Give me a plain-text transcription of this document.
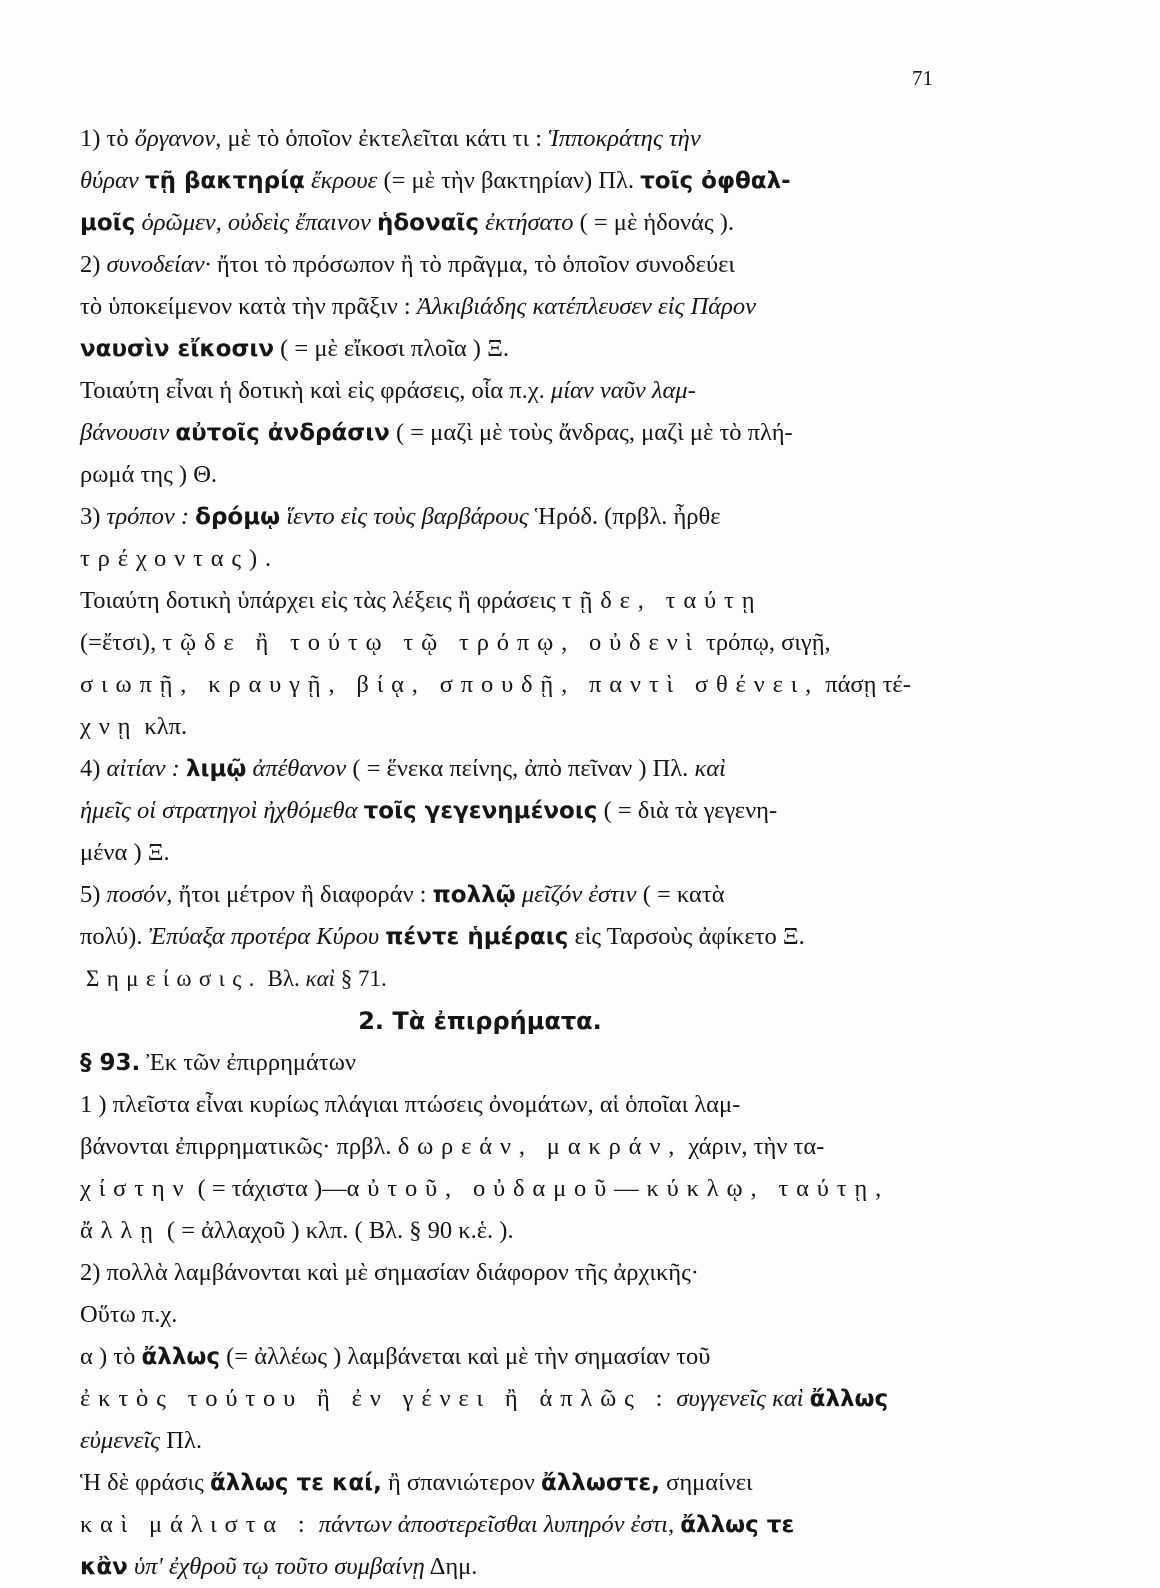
71
1) τὸ ὄργανον, μὲ τὸ ὁποῖον ἐκτελεῖται κάτι τι : Ἱπποκράτης τὴν
θύραν τῇ βακτηρίᾳ ἔκρουε (= μὲ τὴν βακτηρίαν) Πλ. τοῖς ὀφθαλ-
μοῖς ὁρῶμεν, οὐδεὶς ἔπαινον ἡδοναῖς ἐκτήσατο ( = μὲ ἡδονάς ).
2) συνοδείαν· ἤτοι τὸ πρόσωπον ἢ τὸ πρᾶγμα, τὸ ὁποῖον συνοδεύει
τὸ ὑποκείμενον κατὰ τὴν πρᾶξιν : Ἀλκιβιάδης κατέπλευσεν εἰς Πάρον
ναυσὶν εἴκοσιν ( = μὲ εἴκοσι πλοῖα ) Ξ.
Τοιαύτη εἶναι ἡ δοτικὴ καὶ εἰς φράσεις, οἷα π.χ. μίαν ναῦν λαμ-
βάνουσιν αὐτοῖς ἀνδράσιν ( = μαζὶ μὲ τοὺς ἄνδρας, μαζὶ μὲ τὸ πλή-
ρωμά της ) Θ.
3) τρόπον : δρόμῳ ἵεντο εἰς τοὺς βαρβάρους Ἡρόδ. (πρβλ. ἦρθε
τρέχοντας).
Τοιαύτη δοτικὴ ὑπάρχει εἰς τὰς λέξεις ἢ φράσεις τῇδε, ταύτῃ
(=ἔτσι), τῷδε ἢ τούτῳ τῷ τρόπῳ, οὐδενὶ τρόπῳ, σιγῇ,
σιωπῇ, κραυγῇ, βίᾳ, σπουδῇ, παντὶ σθένει, πάσῃ τέ-
χνῃ κλπ.
4) αἰτίαν : λιμῷ ἀπέθανον ( = ἕνεκα πείνης, ἀπὸ πεῖναν ) Πλ. καὶ
ἡμεῖς οἱ στρατηγοὶ ἠχθόμεθα τοῖς γεγενημένοις ( = διὰ τὰ γεγενη-
μένα ) Ξ.
5) ποσόν, ἤτοι μέτρον ἢ διαφοράν : πολλῷ μεῖζόν ἐστιν ( = κατὰ
πολύ). Ἐπύαξα προτέρα Κύρου πέντε ἡμέραις εἰς Ταρσοὺς ἀφίκετο Ξ.
Σημείωσις. Βλ. καὶ § 71.
2. Τὰ ἐπιρρήματα.
§ 93. Ἐκ τῶν ἐπιρρημάτων
1 ) πλεῖστα εἶναι κυρίως πλάγιαι πτώσεις ὀνομάτων, αἱ ὁποῖαι λαμ-
βάνονται ἐπιρρηματικῶς· πρβλ. δωρεάν, μακράν, χάριν, τὴν τα-
χίστην ( = τάχιστα )—αὐτοῦ, οὐδαμοῦ—κύκλῳ, ταύτῃ,
ἄλλῃ ( = ἀλλαχοῦ ) κλπ. ( Βλ. § 90 κ.ἑ. ).
2) πολλὰ λαμβάνονται καὶ μὲ σημασίαν διάφορον τῆς ἀρχικῆς·
Οὕτω π.χ.
α ) τὸ ἄλλως (= ἀλλέως ) λαμβάνεται καὶ μὲ τὴν σημασίαν τοῦ
ἐκτὸς τούτου ἢ ἐν γένει ἢ ἁπλῶς : συγγενεῖς καὶ ἄλλως
εὐμενεῖς Πλ.
Ἡ δὲ φράσις ἄλλως τε καί, ἢ σπανιώτερον ἄλλωστε, σημαίνει
καὶ μάλιστα : πάντων ἀποστερεῖσθαι λυπηρόν ἐστι, ἄλλως τε
κἂν ὑπ' ἐχθροῦ τῳ τοῦτο συμβαίνῃ Δημ.
